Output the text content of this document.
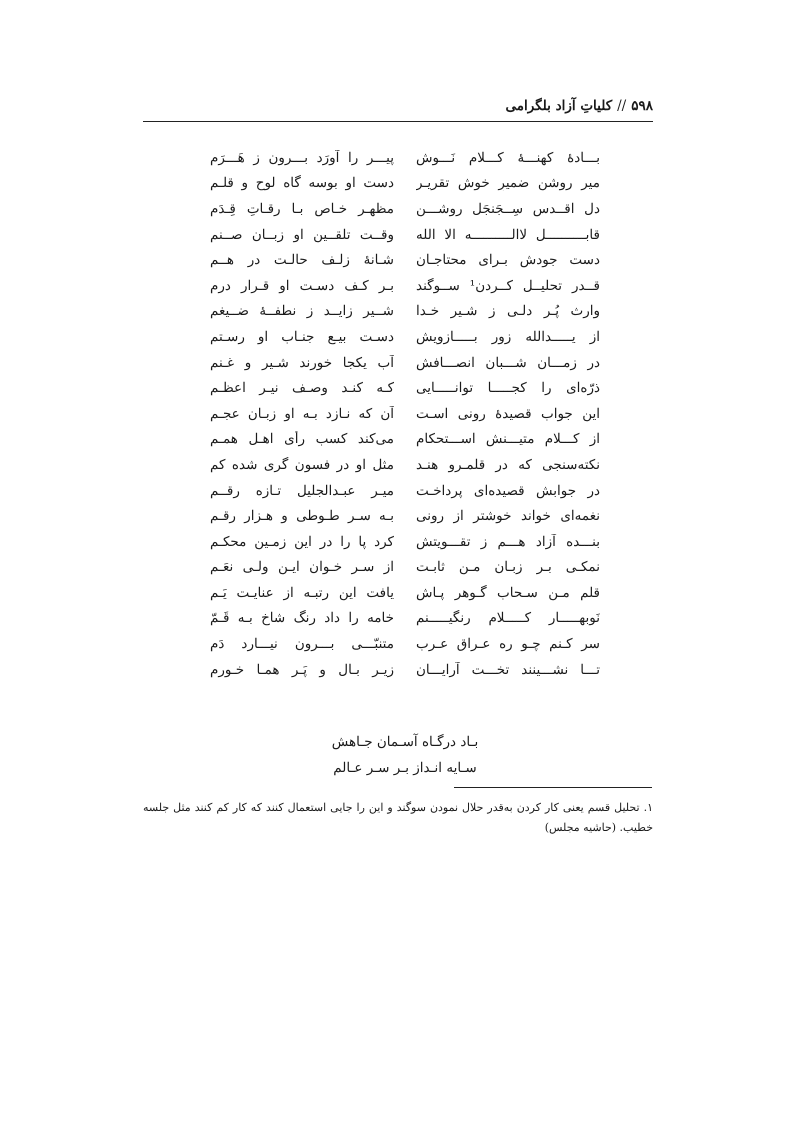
۵۹۸
//
کلیاتِ آزاد بلگرامی
بـــادهٔ کهنـــهٔ کـــلام نَـــوش
پیـــر را آورَد بـــرون ز هَـــرَم
میر روشن ضمیرِ خوش تقریـر
دست او بوسه گاه لوح و قلـم
دل اقــدس سِــجَنجَل روشـــن
مظهـر خـاص بـا رقـاتِ قِـدَم
قابــــــــــل لاالــــــــــه الا الله
وقــت تلقــین او زبــان صــنم
دست جودش بـرای محتاجـان
شـانهٔ زلـف حالـت در هــم
قــدر تحلیــل کــردن¹ ســوگند
بـر کـف دسـت او قـرار درم
وارث پُـر دلـی ز شـیر خـدا
شــیر زایــد ز نطفــهٔ ضــیغم
از یـــــدالله زور بـــــازویش
دسـت بیـع جنـاب او رسـتم
در زمـــان شـــبان انصـــافش
آب یکجا خورند شـیر و غـنم
ذرّه‌ای را کجـــــا توانـــــایی
کـه کنـد وصـف نیـر اعظـم
این جواب قصیدهٔ رونی اسـت
آن که نـازد بـه او زبـان عجـم
از کـــلام متیـــنش اســـتحکام
می‌کند کسب رأی اهـل همـم
نکته‌سنجی که در قلمـرو هنـد
مثل او در فسون گری شده کم
در جوابش قصیده‌ای پرداخـت
میـر عبـدالجلیل تـازه رقــم
نغمه‌ای خواند خوشتر از رونی
بـه سـر طـوطی و هـزار رقـم
بنـــده آزاد هـــم ز تقـــویتش
کرد پا را در این زمـین محکـم
نمکـی بـر زبـان مـن ثابـت
از سـر خـوان ایـن ولـی نعَـم
قلم مـن سـحاب گـوهر پـاش
یافت این رتبـه از عنایـت یَـم
نَوبهـــــار کـــــلام رنگیـــــنم
خامه را داد رنگ شاخ بـه قَـمّ
سر کـنم چـو ره عـراق عـرب
متنبّـــی بـــرون نیـــارد دَم
تـــا نشـــینند تخـــت آرایـــان
زیـر بـال و پَـر همـا خـورم
بـاد درگـاه آسـمان جـاهش
سـایه انـداز بـر سـر عـالم
۱. تحلیل قسم یعنی کار کردن به‌قدر حلال نمودن سوگند و این را جایی استعمال کنند که کار کم کنند مثل جلسه خطیب. (حاشیه مجلس)
